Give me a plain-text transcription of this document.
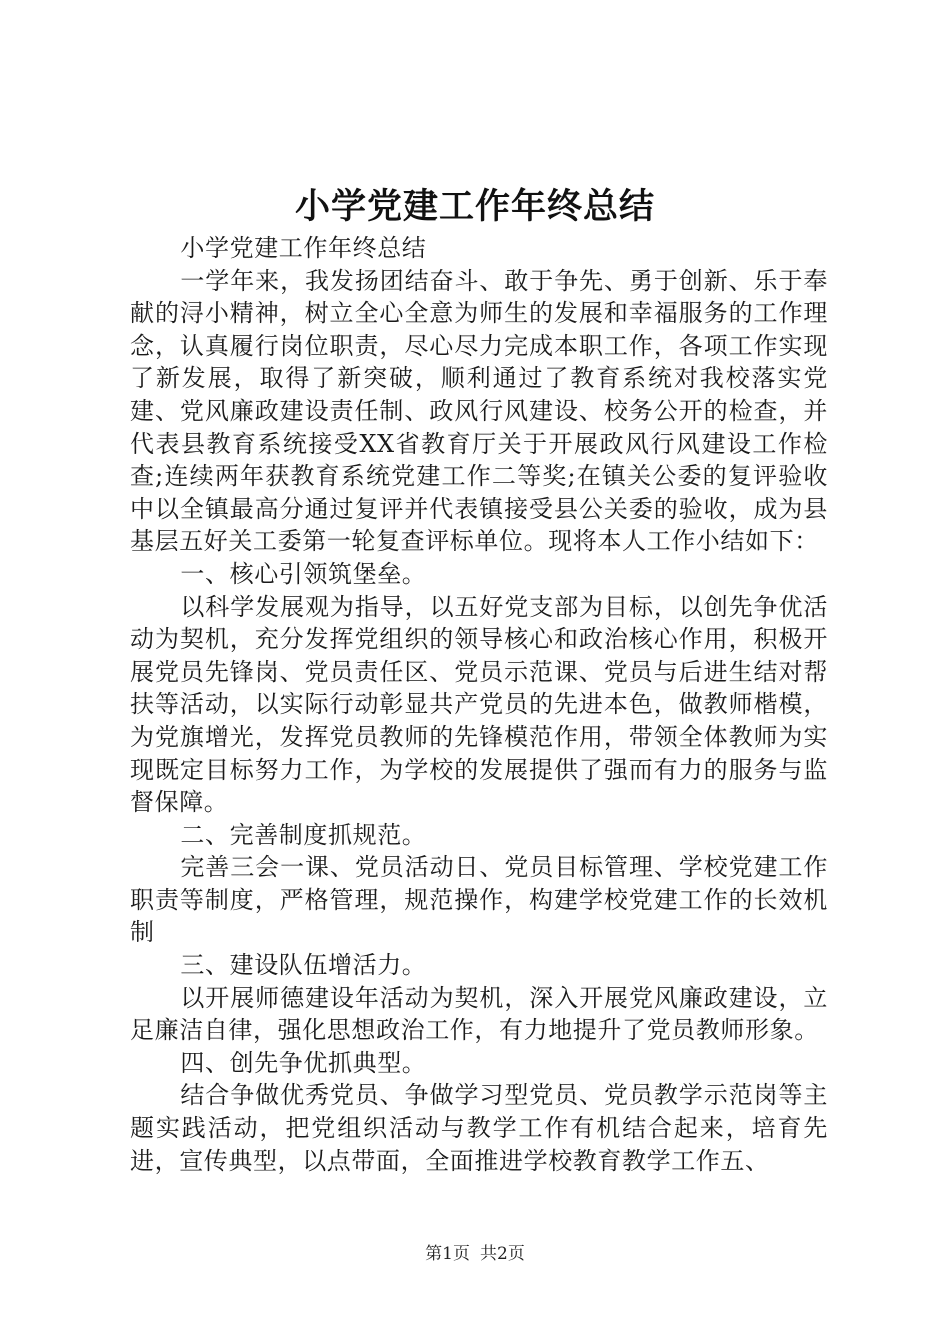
小学党建工作年终总结

小学党建工作年终总结

一学年来，我发扬团结奋斗、敢于争先、勇于创新、乐于奉献的浔小精神，树立全心全意为师生的发展和幸福服务的工作理念，认真履行岗位职责，尽心尽力完成本职工作，各项工作实现了新发展，取得了新突破，顺利通过了教育系统对我校落实党建、党风廉政建设责任制、政风行风建设、校务公开的检查，并代表县教育系统接受XX省教育厅关于开展政风行风建设工作检查;连续两年获教育系统党建工作二等奖;在镇关公委的复评验收中以全镇最高分通过复评并代表镇接受县公关委的验收，成为县基层五好关工委第一轮复查评标单位。现将本人工作小结如下：

一、核心引领筑堡垒。

以科学发展观为指导，以五好党支部为目标，以创先争优活动为契机，充分发挥党组织的领导核心和政治核心作用，积极开展党员先锋岗、党员责任区、党员示范课、党员与后进生结对帮扶等活动，以实际行动彰显共产党员的先进本色，做教师楷模，为党旗增光，发挥党员教师的先锋模范作用，带领全体教师为实现既定目标努力工作，为学校的发展提供了强而有力的服务与监督保障。

二、完善制度抓规范。

完善三会一课、党员活动日、党员目标管理、学校党建工作职责等制度，严格管理，规范操作，构建学校党建工作的长效机制

三、建设队伍增活力。

以开展师德建设年活动为契机，深入开展党风廉政建设，立足廉洁自律，强化思想政治工作，有力地提升了党员教师形象。

四、创先争优抓典型。

结合争做优秀党员、争做学习型党员、党员教学示范岗等主题实践活动，把党组织活动与教学工作有机结合起来，培育先进，宣传典型，以点带面，全面推进学校教育教学工作五、

第1页 共2页
